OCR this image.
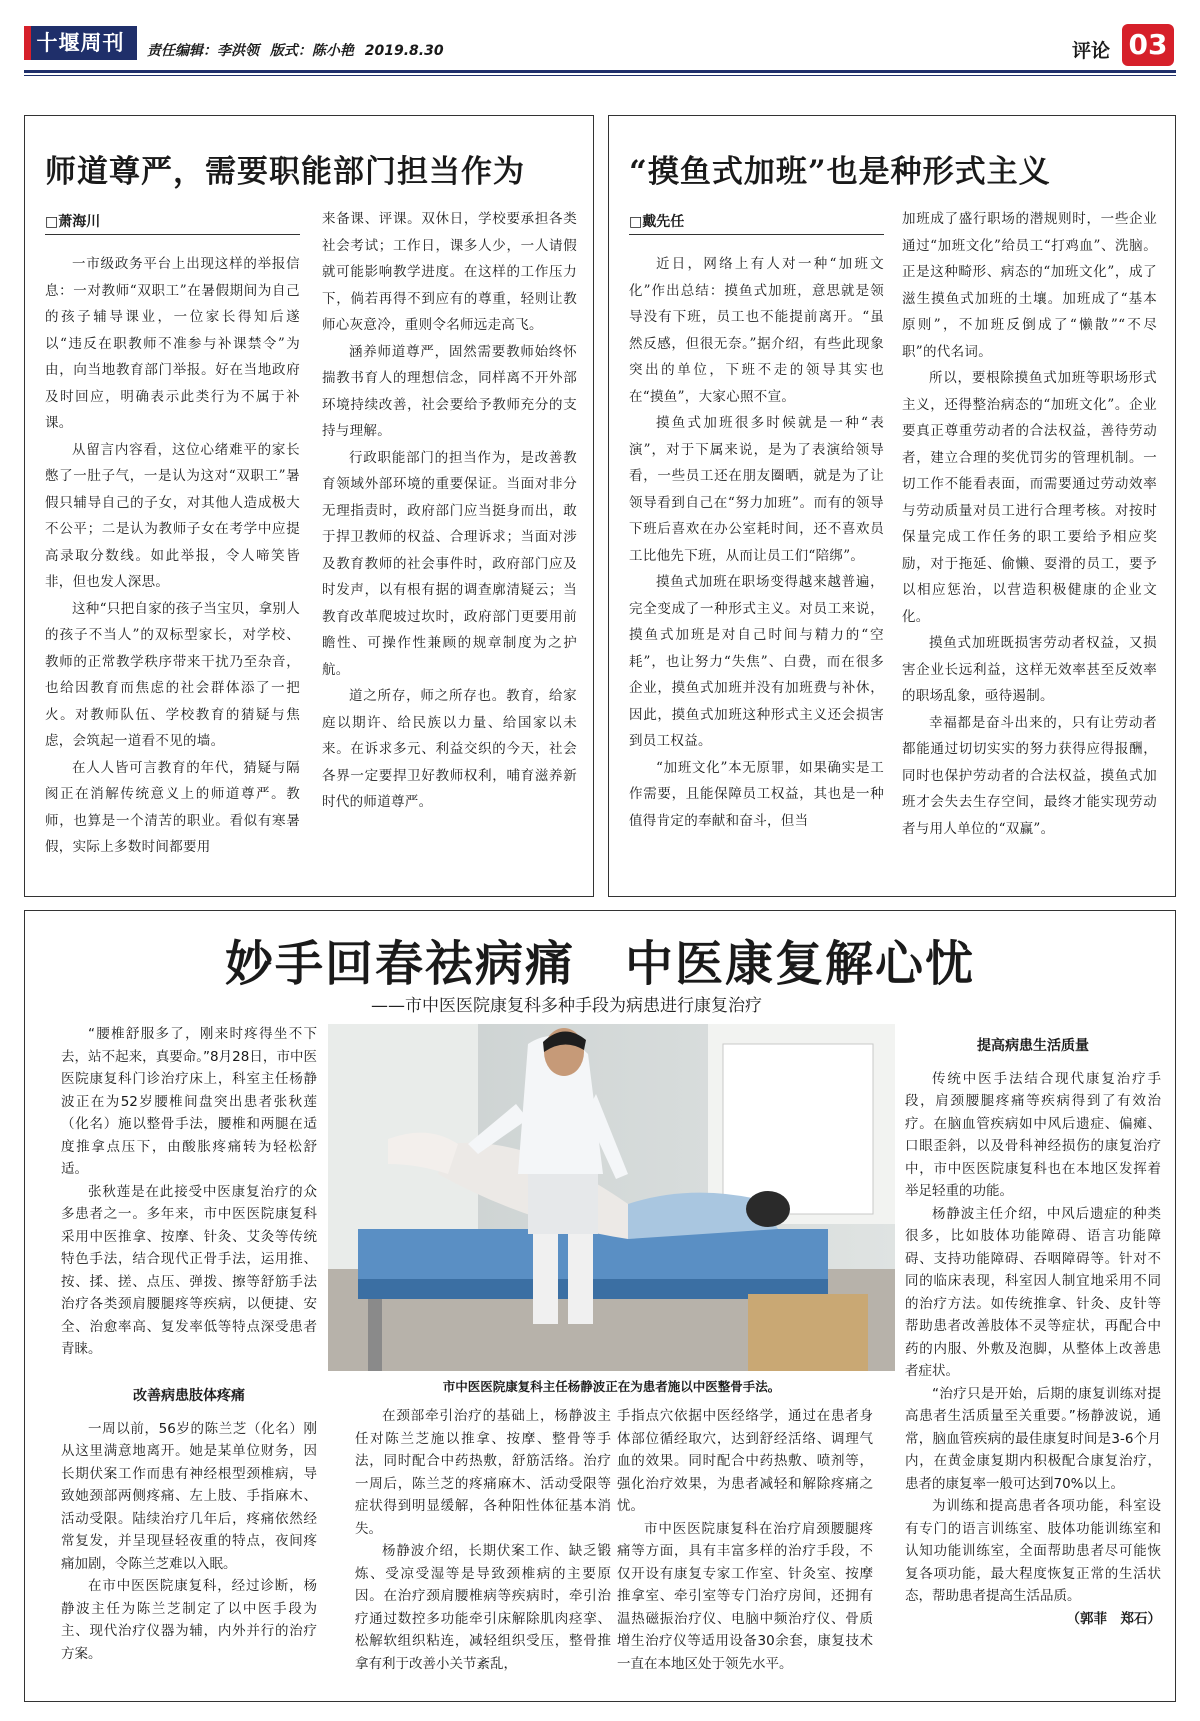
十堰周刊	责任编辑：李洪领 版式：陈小艳 2019.8.30	评论 03
师道尊严，需要职能部门担当作为
□萧海川

一市级政务平台上出现这样的举报信息：一对教师“双职工”在暑假期间为自己的孩子辅导课业，一位家长得知后遂以“违反在职教师不准参与补课禁令”为由，向当地教育部门举报。好在当地政府及时回应，明确表示此类行为不属于补课。

从留言内容看，这位心绪难平的家长憋了一肚子气，一是认为这对“双职工”暑假只辅导自己的子女，对其他人造成极大不公平；二是认为教师子女在考学中应提高录取分数线。如此举报，令人啼笑皆非，但也发人深思。

这种“只把自家的孩子当宝贝，拿别人的孩子不当人”的双标型家长，对学校、教师的正常教学秩序带来干扰乃至杂音，也给因教育而焦虑的社会群体添了一把火。对教师队伍、学校教育的猜疑与焦虑，会筑起一道看不见的墙。

在人人皆可言教育的年代，猜疑与隔阂正在消解传统意义上的师道尊严。教师，也算是一个清苦的职业。看似有寒暑假，实际上多数时间都要用

来备课、评课。双休日，学校要承担各类社会考试；工作日，课多人少，一人请假就可能影响教学进度。在这样的工作压力下，倘若再得不到应有的尊重，轻则让教师心灰意冷，重则令名师远走高飞。

涵养师道尊严，固然需要教师始终怀揣教书育人的理想信念，同样离不开外部环境持续改善，社会要给予教师充分的支持与理解。

行政职能部门的担当作为，是改善教育领域外部环境的重要保证。当面对非分无理指责时，政府部门应当挺身而出，敢于捍卫教师的权益、合理诉求；当面对涉及教育教师的社会事件时，政府部门应及时发声，以有根有据的调查廓清疑云；当教育改革爬坡过坎时，政府部门更要用前瞻性、可操作性兼顾的规章制度为之护航。

道之所存，师之所存也。教育，给家庭以期许、给民族以力量、给国家以未来。在诉求多元、利益交织的今天，社会各界一定要捍卫好教师权利，哺育滋养新时代的师道尊严。

“摸鱼式加班”也是种形式主义
□戴先任

近日，网络上有人对一种“加班文化”作出总结：摸鱼式加班，意思就是领导没有下班，员工也不能提前离开。“虽然反感，但很无奈。”据介绍，有些此现象突出的单位，下班不走的领导其实也在“摸鱼”，大家心照不宣。

摸鱼式加班很多时候就是一种“表演”，对于下属来说，是为了表演给领导看，一些员工还在朋友圈晒，就是为了让领导看到自己在“努力加班”。而有的领导下班后喜欢在办公室耗时间，还不喜欢员工比他先下班，从而让员工们“陪绑”。

摸鱼式加班在职场变得越来越普遍，完全变成了一种形式主义。对员工来说，摸鱼式加班是对自己时间与精力的“空耗”，也让努力“失焦”、白费，而在很多企业，摸鱼式加班并没有加班费与补休，因此，摸鱼式加班这种形式主义还会损害到员工权益。

“加班文化”本无原罪，如果确实是工作需要，且能保障员工权益，其也是一种值得肯定的奉献和奋斗，但当

加班成了盛行职场的潜规则时，一些企业通过“加班文化”给员工“打鸡血”、洗脑。正是这种畸形、病态的“加班文化”，成了滋生摸鱼式加班的土壤。加班成了“基本原则”，不加班反倒成了“懒散”“不尽职”的代名词。

所以，要根除摸鱼式加班等职场形式主义，还得整治病态的“加班文化”。企业要真正尊重劳动者的合法权益，善待劳动者，建立合理的奖优罚劣的管理机制。一切工作不能看表面，而需要通过劳动效率与劳动质量对员工进行合理考核。对按时保量完成工作任务的职工要给予相应奖励，对于拖延、偷懒、耍滑的员工，要予以相应惩治，以营造积极健康的企业文化。

摸鱼式加班既损害劳动者权益，又损害企业长远利益，这样无效率甚至反效率的职场乱象，亟待遏制。

幸福都是奋斗出来的，只有让劳动者都能通过切切实实的努力获得应得报酬，同时也保护劳动者的合法权益，摸鱼式加班才会失去生存空间，最终才能实现劳动者与用人单位的“双赢”。

妙手回春祛病痛　中医康复解心忧
——市中医医院康复科多种手段为病患进行康复治疗

“腰椎舒服多了，刚来时疼得坐不下去，站不起来，真要命。”8月28日，市中医医院康复科门诊治疗床上，科室主任杨静波正在为52岁腰椎间盘突出患者张秋莲（化名）施以整骨手法，腰椎和两腿在适度推拿点压下，由酸胀疼痛转为轻松舒适。

张秋莲是在此接受中医康复治疗的众多患者之一。多年来，市中医医院康复科采用中医推拿、按摩、针灸、艾灸等传统特色手法，结合现代正骨手法，运用推、按、揉、搓、点压、弹拨、擦等舒筋手法治疗各类颈肩腰腿疼等疾病，以便捷、安全、治愈率高、复发率低等特点深受患者青睐。

改善病患肢体疼痛

一周以前，56岁的陈兰芝（化名）刚从这里满意地离开。她是某单位财务，因长期伏案工作而患有神经根型颈椎病，导致她颈部两侧疼痛、左上肢、手指麻木、活动受限。陆续治疗几年后，疼痛依然经常复发，并呈现昼轻夜重的特点，夜间疼痛加剧，令陈兰芝难以入眠。

在市中医医院康复科，经过诊断，杨静波主任为陈兰芝制定了以中医手段为主、现代治疗仪器为辅，内外并行的治疗方案。

市中医医院康复科主任杨静波正在为患者施以中医整骨手法。

在颈部牵引治疗的基础上，杨静波主任对陈兰芝施以推拿、按摩、整骨等手法，同时配合中药热敷，舒筋活络。治疗一周后，陈兰芝的疼痛麻木、活动受限等症状得到明显缓解，各种阳性体征基本消失。

杨静波介绍，长期伏案工作、缺乏锻炼、受凉受湿等是导致颈椎病的主要原因。在治疗颈肩腰椎病等疾病时，牵引治疗通过数控多功能牵引床解除肌肉痉挛、松解软组织粘连，减轻组织受压，整骨推拿有利于改善小关节紊乱，

手指点穴依据中医经络学，通过在患者身体部位循经取穴，达到舒经活络、调理气血的效果。同时配合中药热敷、喷剂等，强化治疗效果，为患者减轻和解除疼痛之忧。

市中医医院康复科在治疗肩颈腰腿疼痛等方面，具有丰富多样的治疗手段，不仅开设有康复专家工作室、针灸室、按摩推拿室、牵引室等专门治疗房间，还拥有温热磁振治疗仪、电脑中频治疗仪、骨质增生治疗仪等适用设备30余套，康复技术一直在本地区处于领先水平。

提高病患生活质量

传统中医手法结合现代康复治疗手段，肩颈腰腿疼痛等疾病得到了有效治疗。在脑血管疾病如中风后遗症、偏瘫、口眼歪斜，以及骨科神经损伤的康复治疗中，市中医医院康复科也在本地区发挥着举足轻重的功能。

杨静波主任介绍，中风后遗症的种类很多，比如肢体功能障碍、语言功能障碍、支持功能障碍、吞咽障碍等。针对不同的临床表现，科室因人制宜地采用不同的治疗方法。如传统推拿、针灸、皮针等帮助患者改善肢体不灵等症状，再配合中药的内服、外敷及泡脚，从整体上改善患者症状。

“治疗只是开始，后期的康复训练对提高患者生活质量至关重要。”杨静波说，通常，脑血管疾病的最佳康复时间是3-6个月内，在黄金康复期内积极配合康复治疗，患者的康复率一般可达到70%以上。

为训练和提高患者各项功能，科室设有专门的语言训练室、肢体功能训练室和认知功能训练室，全面帮助患者尽可能恢复各项功能，最大程度恢复正常的生活状态，帮助患者提高生活品质。

（郭菲　郑石）
